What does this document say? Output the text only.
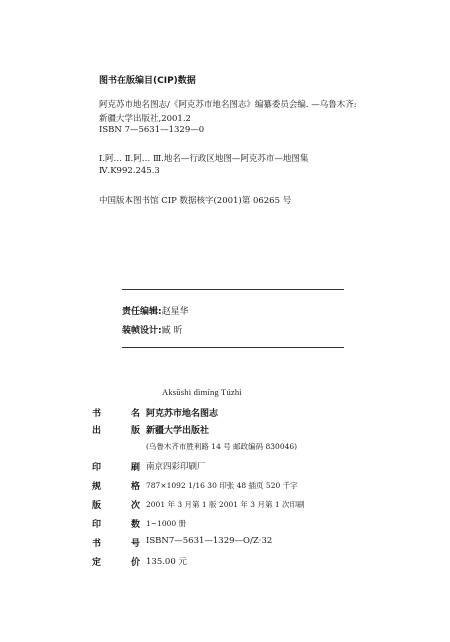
图书在版编目(CIP)数据
阿克苏市地名图志/《阿克苏市地名图志》编纂委员会编. —乌鲁木齐:
新疆大学出版社,2001.2
ISBN 7—5631—1329—0
Ⅰ.阿… Ⅱ.阿… Ⅲ.地名—行政区地图—阿克苏市—地图集
Ⅳ.K992.245.3
中国版本图书馆 CIP 数据核字(2001)第 06265 号
责任编辑:赵星华
装帧设计:臧 昕
Aksūshi dìmíng Túzhì
书	名 阿克苏市地名图志
出	版 新疆大学出版社
(乌鲁木齐市胜利路 14 号 邮政编码 830046)
印	刷 南京四彩印刷厂
规	格 787×1092 1/16 30 印张 48 插页 520 千字
版	次 2001 年 3 月第 1 版 2001 年 3 月第 1 次印刷
印	数 1~1000 册
书	号 ISBN7—5631—1329—O/Z·32
定	价 135.00 元
